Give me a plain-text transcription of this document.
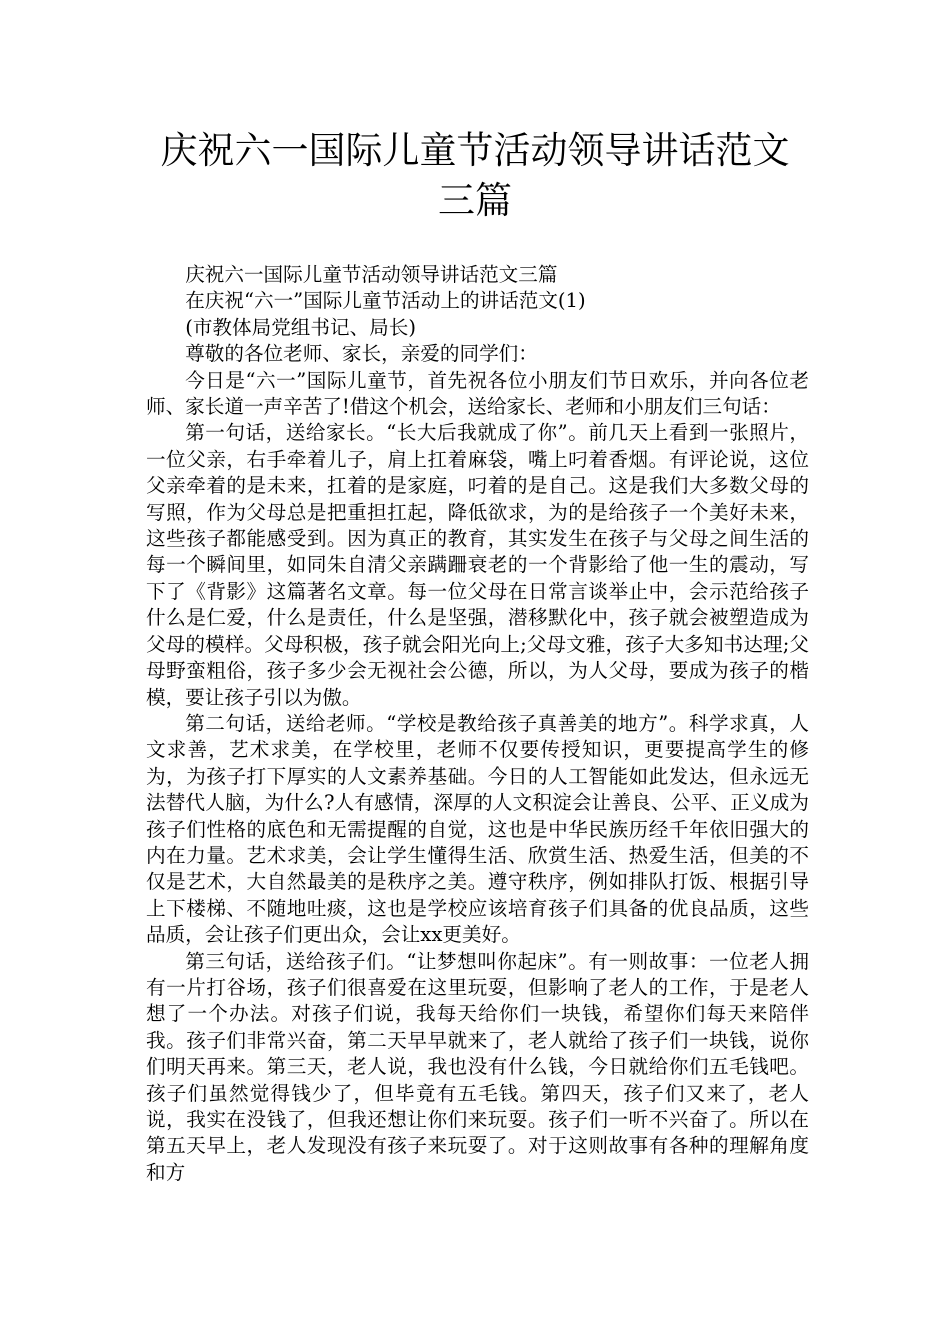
庆祝六一国际儿童节活动领导讲话范文三篇

庆祝六一国际儿童节活动领导讲话范文三篇

在庆祝“六一”国际儿童节活动上的讲话范文(1)

(市教体局党组书记、局长)

尊敬的各位老师、家长，亲爱的同学们：

今日是“六一”国际儿童节，首先祝各位小朋友们节日欢乐，并向各位老师、家长道一声辛苦了!借这个机会，送给家长、老师和小朋友们三句话：

第一句话，送给家长。“长大后我就成了你”。前几天上看到一张照片，一位父亲，右手牵着儿子，肩上扛着麻袋，嘴上叼着香烟。有评论说，这位父亲牵着的是未来，扛着的是家庭，叼着的是自己。这是我们大多数父母的写照，作为父母总是把重担扛起，降低欲求，为的是给孩子一个美好未来，这些孩子都能感受到。因为真正的教育，其实发生在孩子与父母之间生活的每一个瞬间里，如同朱自清父亲蹒跚衰老的一个背影给了他一生的震动，写下了《背影》这篇著名文章。每一位父母在日常言谈举止中，会示范给孩子什么是仁爱，什么是责任，什么是坚强，潜移默化中，孩子就会被塑造成为父母的模样。父母积极，孩子就会阳光向上;父母文雅，孩子大多知书达理;父母野蛮粗俗，孩子多少会无视社会公德，所以，为人父母，要成为孩子的楷模，要让孩子引以为傲。

第二句话，送给老师。“学校是教给孩子真善美的地方”。科学求真，人文求善，艺术求美，在学校里，老师不仅要传授知识，更要提高学生的修为，为孩子打下厚实的人文素养基础。今日的人工智能如此发达，但永远无法替代人脑，为什么?人有感情，深厚的人文积淀会让善良、公平、正义成为孩子们性格的底色和无需提醒的自觉，这也是中华民族历经千年依旧强大的内在力量。艺术求美，会让学生懂得生活、欣赏生活、热爱生活，但美的不仅是艺术，大自然最美的是秩序之美。遵守秩序，例如排队打饭、根据引导上下楼梯、不随地吐痰，这也是学校应该培育孩子们具备的优良品质，这些品质，会让孩子们更出众，会让xx更美好。

第三句话，送给孩子们。“让梦想叫你起床”。有一则故事：一位老人拥有一片打谷场，孩子们很喜爱在这里玩耍，但影响了老人的工作，于是老人想了一个办法。对孩子们说，我每天给你们一块钱，希望你们每天来陪伴我。孩子们非常兴奋，第二天早早就来了，老人就给了孩子们一块钱，说你们明天再来。第三天，老人说，我也没有什么钱，今日就给你们五毛钱吧。孩子们虽然觉得钱少了，但毕竟有五毛钱。第四天，孩子们又来了，老人说，我实在没钱了，但我还想让你们来玩耍。孩子们一听不兴奋了。所以在第五天早上，老人发现没有孩子来玩耍了。对于这则故事有各种的理解角度和方
